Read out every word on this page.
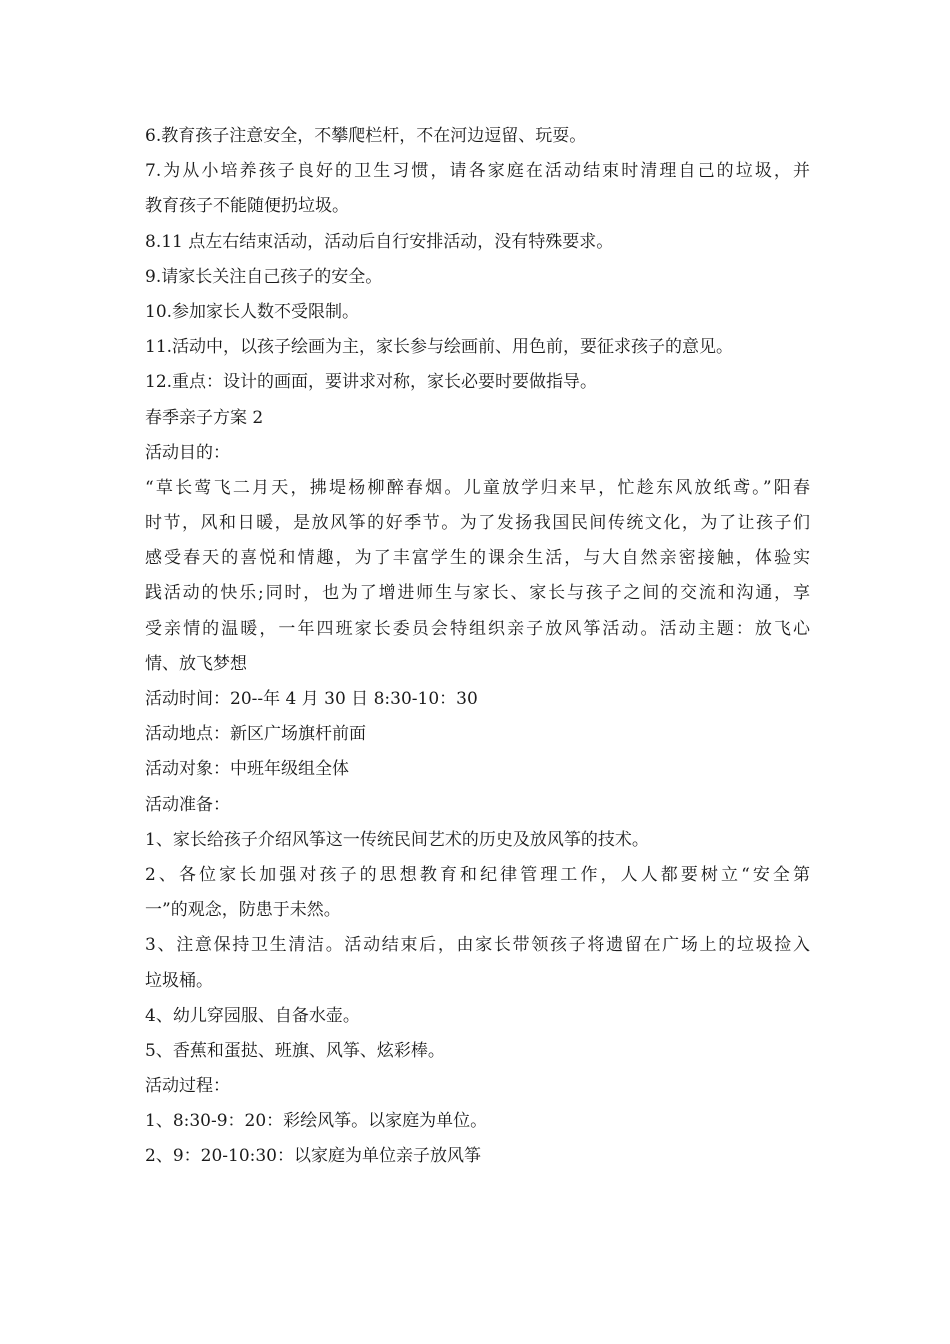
6.教育孩子注意安全，不攀爬栏杆，不在河边逗留、玩耍。
7.为从小培养孩子良好的卫生习惯，请各家庭在活动结束时清理自己的垃圾，并
教育孩子不能随便扔垃圾。
8.11 点左右结束活动，活动后自行安排活动，没有特殊要求。
9.请家长关注自己孩子的安全。
10.参加家长人数不受限制。
11.活动中，以孩子绘画为主，家长参与绘画前、用色前，要征求孩子的意见。
12.重点：设计的画面，要讲求对称，家长必要时要做指导。
春季亲子方案 2
活动目的：
“草长莺飞二月天，拂堤杨柳醉春烟。儿童放学归来早，忙趁东风放纸鸢。”阳春
时节，风和日暖，是放风筝的好季节。为了发扬我国民间传统文化，为了让孩子们
感受春天的喜悦和情趣，为了丰富学生的课余生活，与大自然亲密接触，体验实
践活动的快乐;同时，也为了增进师生与家长、家长与孩子之间的交流和沟通，享
受亲情的温暖，一年四班家长委员会特组织亲子放风筝活动。活动主题：放飞心
情、放飞梦想
活动时间：20--年 4 月 30 日 8:30-10：30
活动地点：新区广场旗杆前面
活动对象：中班年级组全体
活动准备：
1、家长给孩子介绍风筝这一传统民间艺术的历史及放风筝的技术。
2、各位家长加强对孩子的思想教育和纪律管理工作，人人都要树立“安全第
一”的观念，防患于未然。
3、注意保持卫生清洁。活动结束后，由家长带领孩子将遗留在广场上的垃圾捡入
垃圾桶。
4、幼儿穿园服、自备水壶。
5、香蕉和蛋挞、班旗、风筝、炫彩棒。
活动过程：
1、8:30-9：20：彩绘风筝。以家庭为单位。
2、9：20-10:30：以家庭为单位亲子放风筝
